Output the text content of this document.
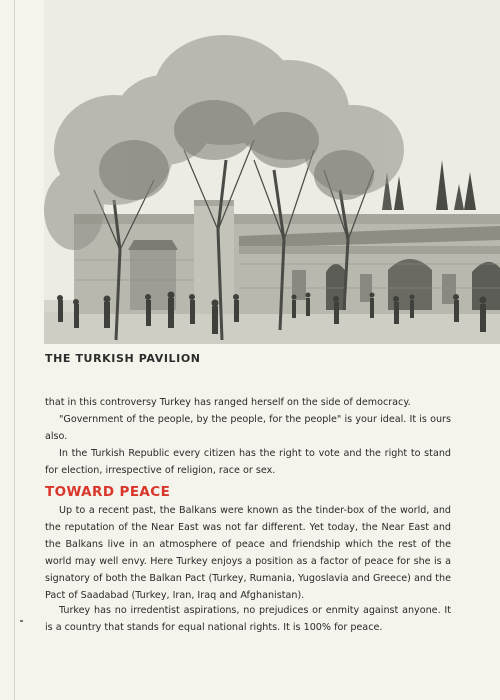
THE TURKISH PAVILION

that in this controversy Turkey has ranged herself on the side of democracy.

"Government of the people, by the people, for the people" is your ideal. It is ours also.

In the Turkish Republic every citizen has the right to vote and the right to stand for election, irrespective of religion, race or sex.

TOWARD PEACE

Up to a recent past, the Balkans were known as the tinder-box of the world, and the reputation of the Near East was not far different. Yet today, the Near East and the Balkans live in an atmosphere of peace and friendship which the rest of the world may well envy. Here Turkey enjoys a position as a factor of peace for she is a signatory of both the Balkan Pact (Turkey, Rumania, Yugoslavia and Greece) and the Pact of Saadabad (Turkey, Iran, Iraq and Afghanistan).

Turkey has no irredentist aspirations, no prejudices or enmity against anyone. It is a country that stands for equal national rights. It is 100% for peace.
